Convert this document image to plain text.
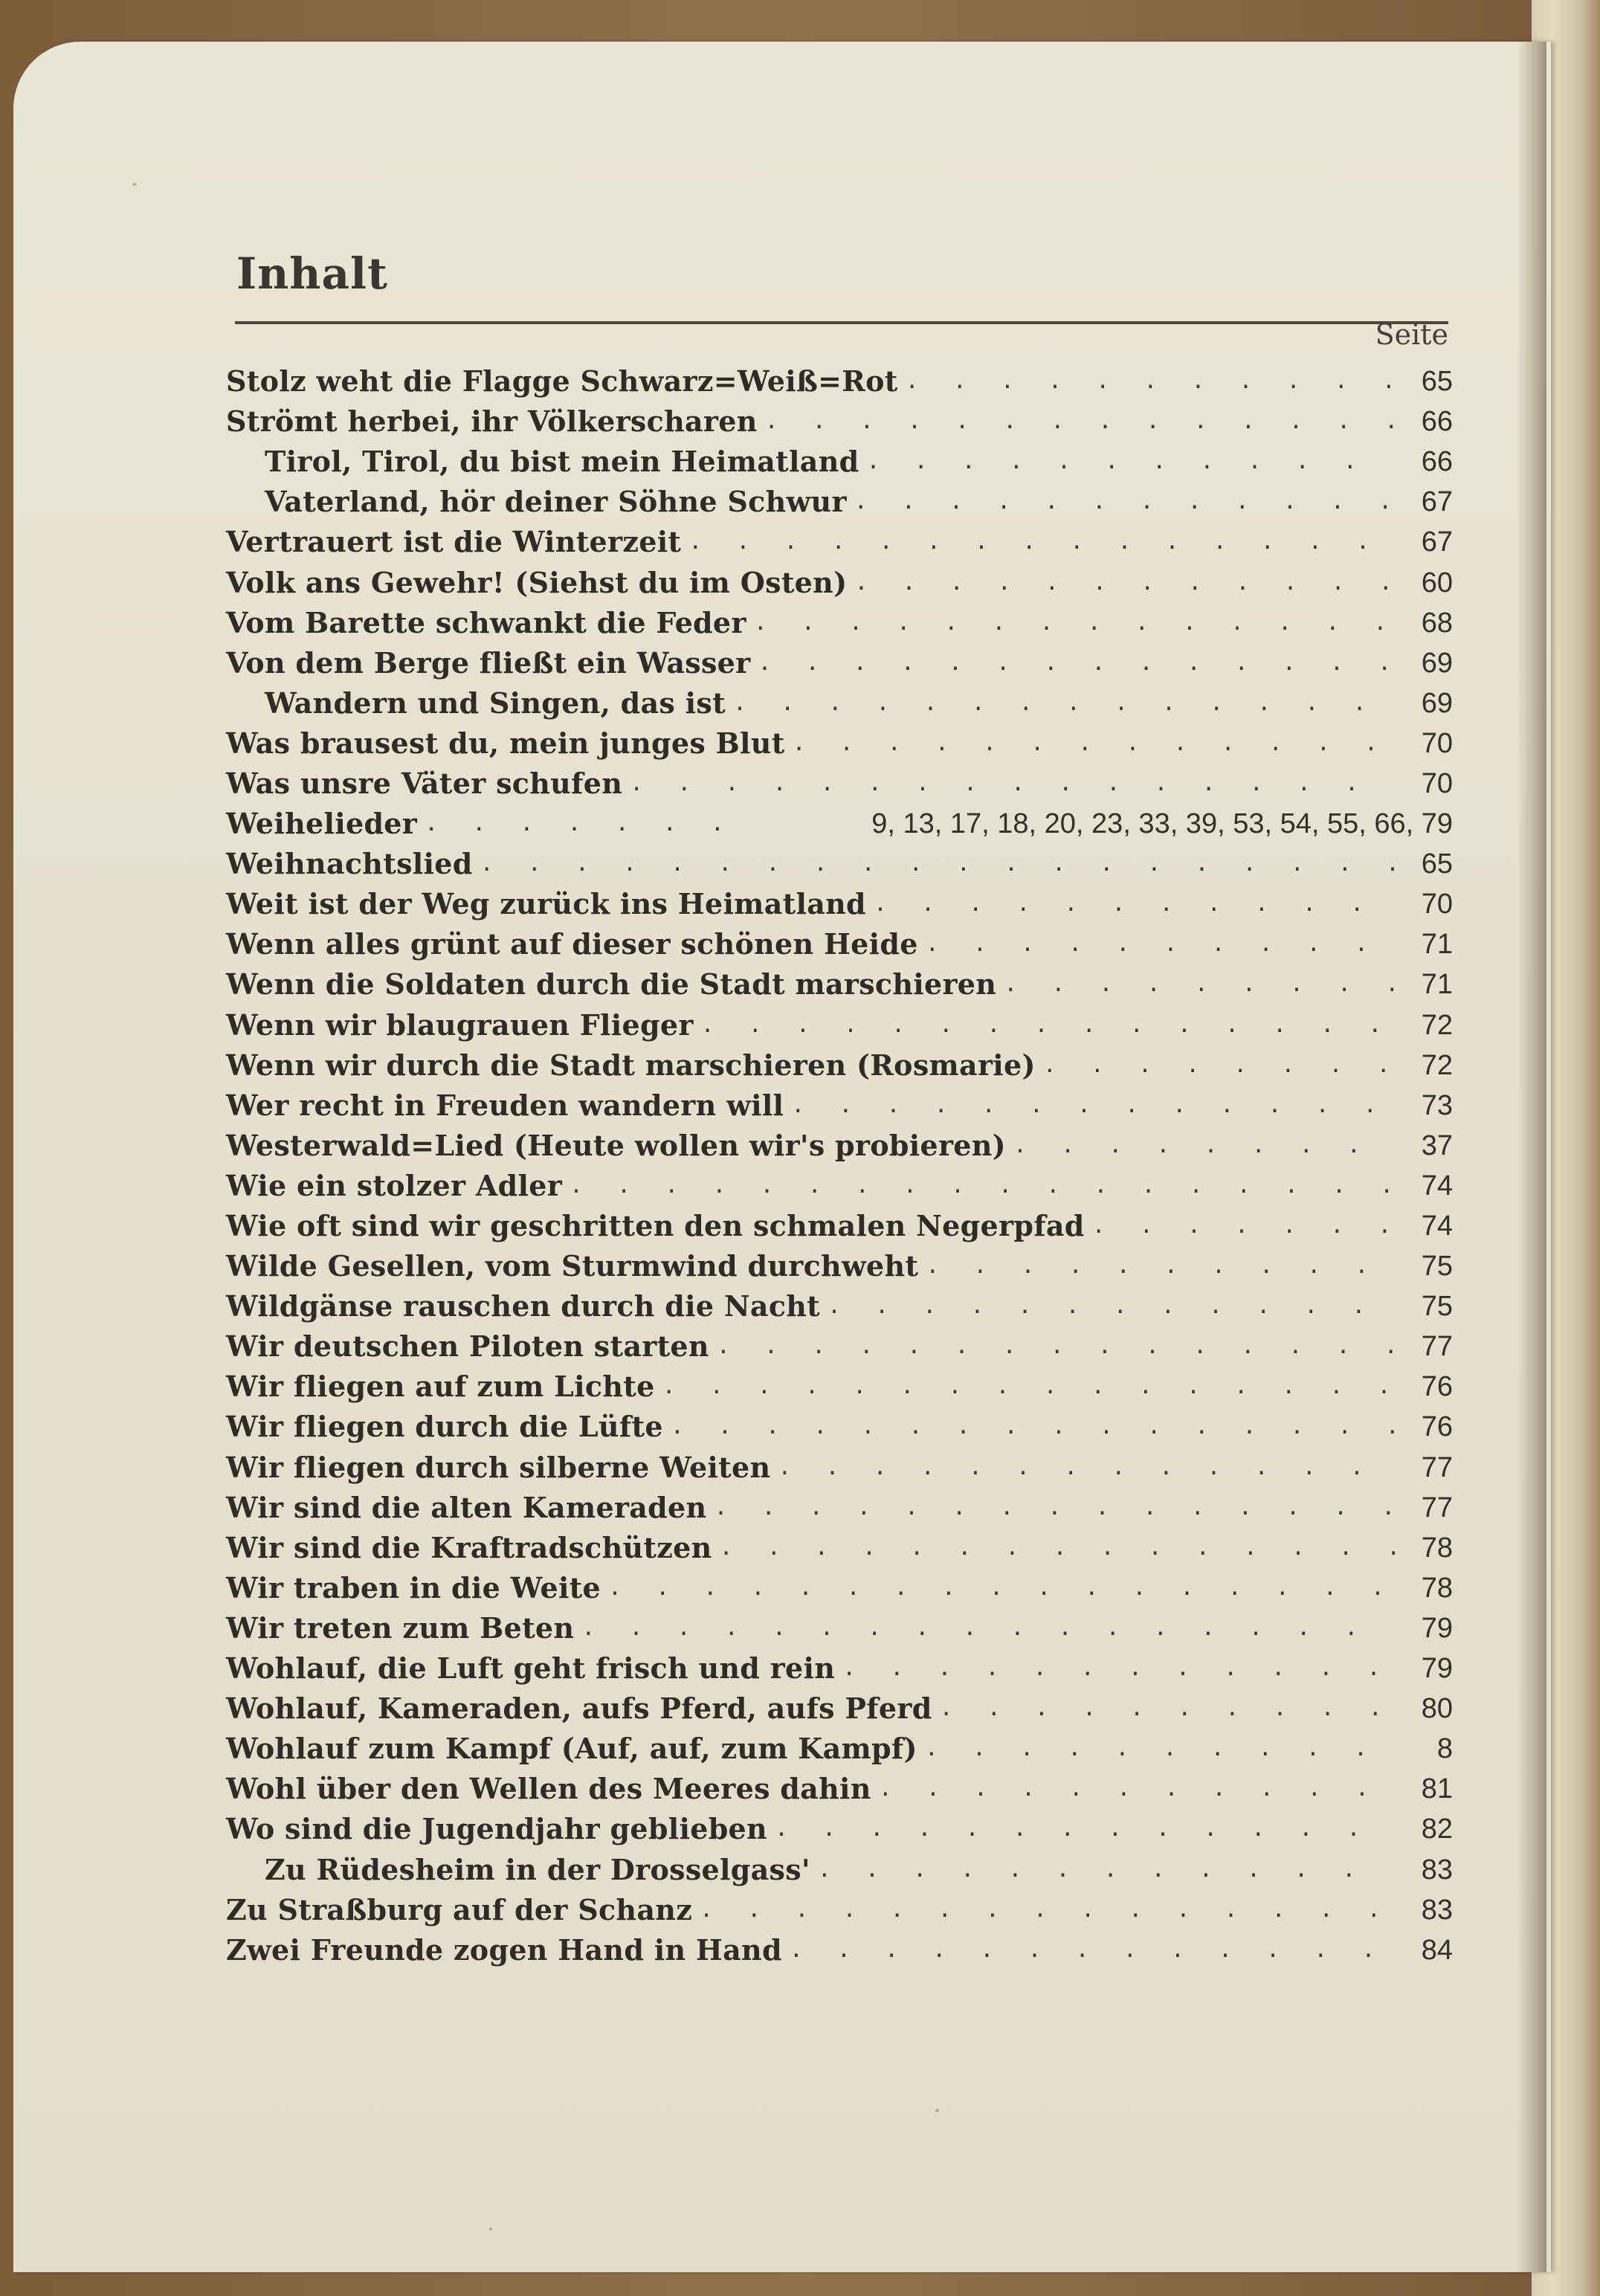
Inhalt
Seite
Stolz weht die Flagge Schwarz=Weiß=Rot . . .	65
Strömt herbei, ihr Völkerscharen . . .	66
Tirol, Tirol, du bist mein Heimatland . . .	66
Vaterland, hör deiner Söhne Schwur . . .	67
Vertrauert ist die Winterzeit . . .	67
Volk ans Gewehr! (Siehst du im Osten) . . .	60
Vom Barette schwankt die Feder . . .	68
Von dem Berge fließt ein Wasser . . .	69
Wandern und Singen, das ist . . .	69
Was brausest du, mein junges Blut . . .	70
Was unsre Väter schufen . . .	70
Weihelieder . . .	9, 13, 17, 18, 20, 23, 33, 39, 53, 54, 55, 66, 79
Weihnachtslied . . .	65
Weit ist der Weg zurück ins Heimatland . . .	70
Wenn alles grünt auf dieser schönen Heide . . .	71
Wenn die Soldaten durch die Stadt marschieren . . .	71
Wenn wir blaugrauen Flieger . . .	72
Wenn wir durch die Stadt marschieren (Rosmarie) . . .	72
Wer recht in Freuden wandern will . . .	73
Westerwald=Lied (Heute wollen wir's probieren) . . .	37
Wie ein stolzer Adler . . .	74
Wie oft sind wir geschritten den schmalen Negerpfad . . .	74
Wilde Gesellen, vom Sturmwind durchweht . . .	75
Wildgänse rauschen durch die Nacht . . .	75
Wir deutschen Piloten starten . . .	77
Wir fliegen auf zum Lichte . . .	76
Wir fliegen durch die Lüfte . . .	76
Wir fliegen durch silberne Weiten . . .	77
Wir sind die alten Kameraden . . .	77
Wir sind die Kraftradschützen . . .	78
Wir traben in die Weite . . .	78
Wir treten zum Beten . . .	79
Wohlauf, die Luft geht frisch und rein . . .	79
Wohlauf, Kameraden, aufs Pferd, aufs Pferd . . .	80
Wohlauf zum Kampf (Auf, auf, zum Kampf) . . .	8
Wohl über den Wellen des Meeres dahin . . .	81
Wo sind die Jugendjahr geblieben . . .	82
Zu Rüdesheim in der Drosselgass' . . .	83
Zu Straßburg auf der Schanz . . .	83
Zwei Freunde zogen Hand in Hand . . .	84
